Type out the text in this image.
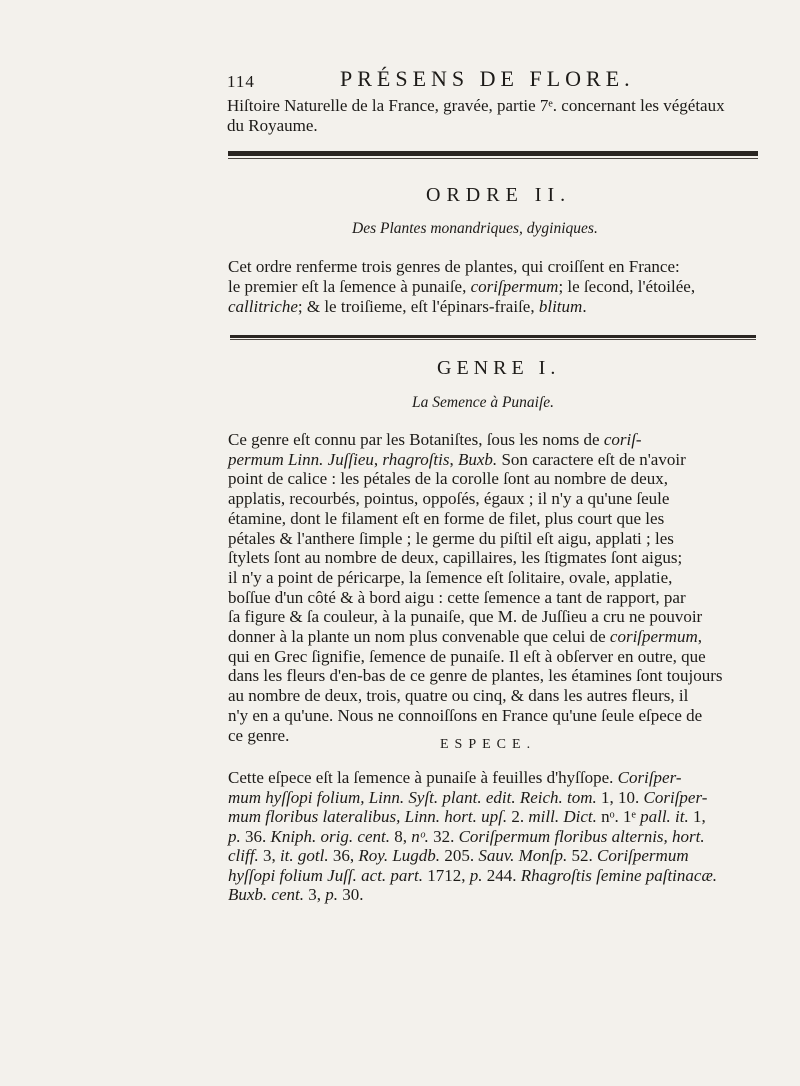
114	PRÉSENS DE FLORE.
Hiſtoire Naturelle de la France, gravée, partie 7ᵉ. concernant les végétaux
du Royaume.
ORDRE II.
Des Plantes monandriques, dyginiques.
Cet ordre renferme trois genres de plantes, qui croiſſent en France:
le premier eſt la ſemence à punaiſe, coriſpermum; le ſecond, l'étoilée,
callitriche; & le troiſieme, eſt l'épinars-fraiſe, blitum.
GENRE I.
La Semence à Punaiſe.
Ce genre eſt connu par les Botaniſtes, ſous les noms de coriſ-
permum Linn. Juſſieu, rhagroſtis, Buxb. Son caractere eſt de n'avoir
point de calice : les pétales de la corolle ſont au nombre de deux,
applatis, recourbés, pointus, oppoſés, égaux ; il n'y a qu'une ſeule
étamine, dont le filament eſt en forme de filet, plus court que les
pétales & l'anthere ſimple ; le germe du piſtil eſt aigu, applati ; les
ſtylets ſont au nombre de deux, capillaires, les ſtigmates ſont aigus;
il n'y a point de péricarpe, la ſemence eſt ſolitaire, ovale, applatie,
boſſue d'un côté & à bord aigu : cette ſemence a tant de rapport, par
ſa figure & ſa couleur, à la punaiſe, que M. de Juſſieu a cru ne pouvoir
donner à la plante un nom plus convenable que celui de coriſpermum,
qui en Grec ſignifie, ſemence de punaiſe. Il eſt à obſerver en outre, que
dans les fleurs d'en-bas de ce genre de plantes, les étamines ſont toujours
au nombre de deux, trois, quatre ou cinq, & dans les autres fleurs, il
n'y en a qu'une. Nous ne connoiſſons en France qu'une ſeule eſpece de
ce genre.	ESPECE.
Cette eſpece eſt la ſemence à punaiſe à feuilles d'hyſſope. Coriſper-
mum hyſſopi folium, Linn. Syſt. plant. edit. Reich. tom. 1, 10. Coriſper-
mum floribus lateralibus, Linn. hort. upſ. 2. mill. Dict. nᵒ. 1ᵉ pall. it. 1,
p. 36. Kniph. orig. cent. 8, nᵒ. 32. Coriſpermum floribus alternis, hort.
cliff. 3, it. gotl. 36, Roy. Lugdb. 205. Sauv. Monſp. 52. Coriſpermum
hyſſopi folium Juſſ. act. part. 1712, p. 244. Rhagroſtis ſemine paſtinacæ.
Buxb. cent. 3, p. 30.
